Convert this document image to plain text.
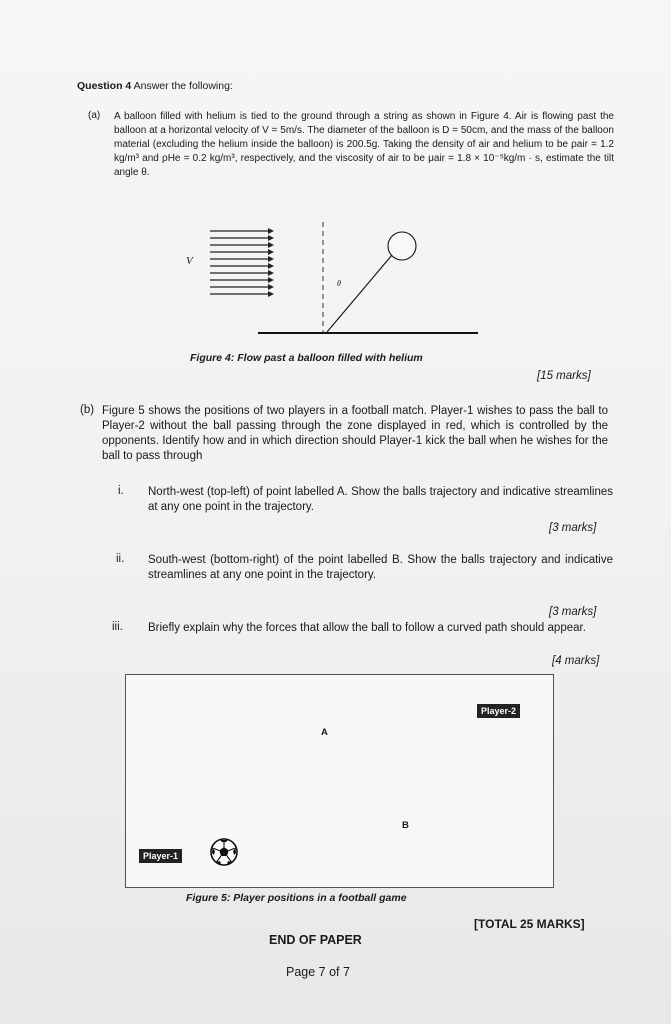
Question 4 Answer the following:
(a) A balloon filled with helium is tied to the ground through a string as shown in Figure 4. Air is flowing past the balloon at a horizontal velocity of V = 5m/s. The diameter of the balloon is D = 50cm, and the mass of the balloon material (excluding the helium inside the balloon) is 200.5g. Taking the density of air and helium to be ρair = 1.2 kg/m³ and ρHe = 0.2 kg/m³, respectively, and the viscosity of air to be μair = 1.8 × 10⁻⁵kg/m · s, estimate the tilt angle θ.
V
θ
Figure 4: Flow past a balloon filled with helium
[15 marks]
(b) Figure 5 shows the positions of two players in a football match. Player-1 wishes to pass the ball to Player-2 without the ball passing through the zone displayed in red, which is controlled by the opponents. Identify how and in which direction should Player-1 kick the ball when he wishes for the ball to pass through
i. North-west (top-left) of point labelled A. Show the balls trajectory and indicative streamlines at any one point in the trajectory.
[3 marks]
ii. South-west (bottom-right) of the point labelled B. Show the balls trajectory and indicative streamlines at any one point in the trajectory.
[3 marks]
iii. Briefly explain why the forces that allow the ball to follow a curved path should appear.
[4 marks]
Player-2
Player-1
A
B
Figure 5: Player positions in a football game
[TOTAL 25 MARKS]
END OF PAPER
Page 7 of 7
